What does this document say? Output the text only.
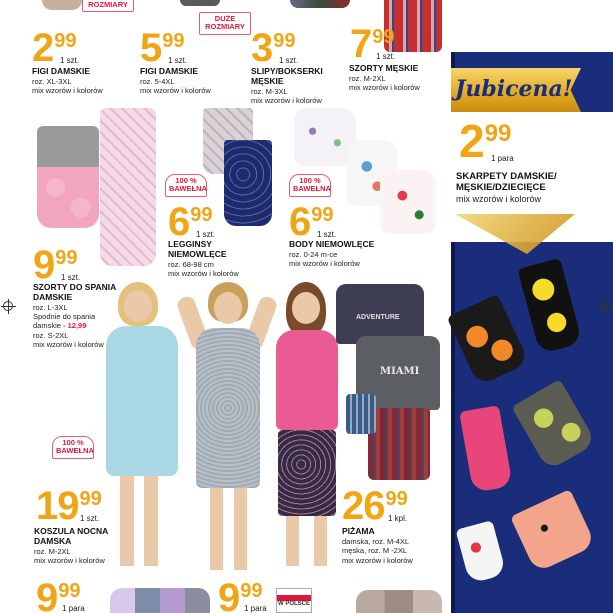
ROZMIARY
DUŻE
ROZMIARY
299
1 szt.
FIGI DAMSKIE
roz. XL-3XL
mix wzorów i kolorów
599
1 szt.
FIGI DAMSKIE
roz. 5-4XL
mix wzorów i kolorów
399
1 szt.
SLIPY/BOKSERKI
MĘSKIE
roz. M-3XL
mix wzorów i kolorów
799
1 szt.
SZORTY MĘSKIE
roz. M-2XL
mix wzorów i kolorów
100 %
BAWEŁNA
100 %
BAWEŁNA
699
1 szt.
LEGGINSY
NIEMOWLĘCE
roz. 68-98 cm
mix wzorów i kolorów
699
1 szt.
BODY NIEMOWLĘCE
roz. 0-24 m-ce
mix wzorów i kolorów
999
1 szt.
SZORTY DO SPANIA
DAMSKIE
roz. L-3XL
Spodnie do spania
damskie - 12,99
roz. S-2XL
mix wzorów i kolorów
ADVENTURE
MIAMI
100 %
BAWEŁNA
1999
1 szt.
KOSZULA NOCNA
DAMSKA
roz. M-2XL
mix wzorów i kolorów
2699
1 kpl.
PIŻAMA
damska, roz. M-4XL
męska, roz. M -2XL
mix wzorów i kolorów
999
1 para	999
1 para W POLSCE
Jubicena!
299
1 para
SKARPETY DAMSKIE/
MĘSKIE/DZIECIĘCE
mix wzorów i kolorów
